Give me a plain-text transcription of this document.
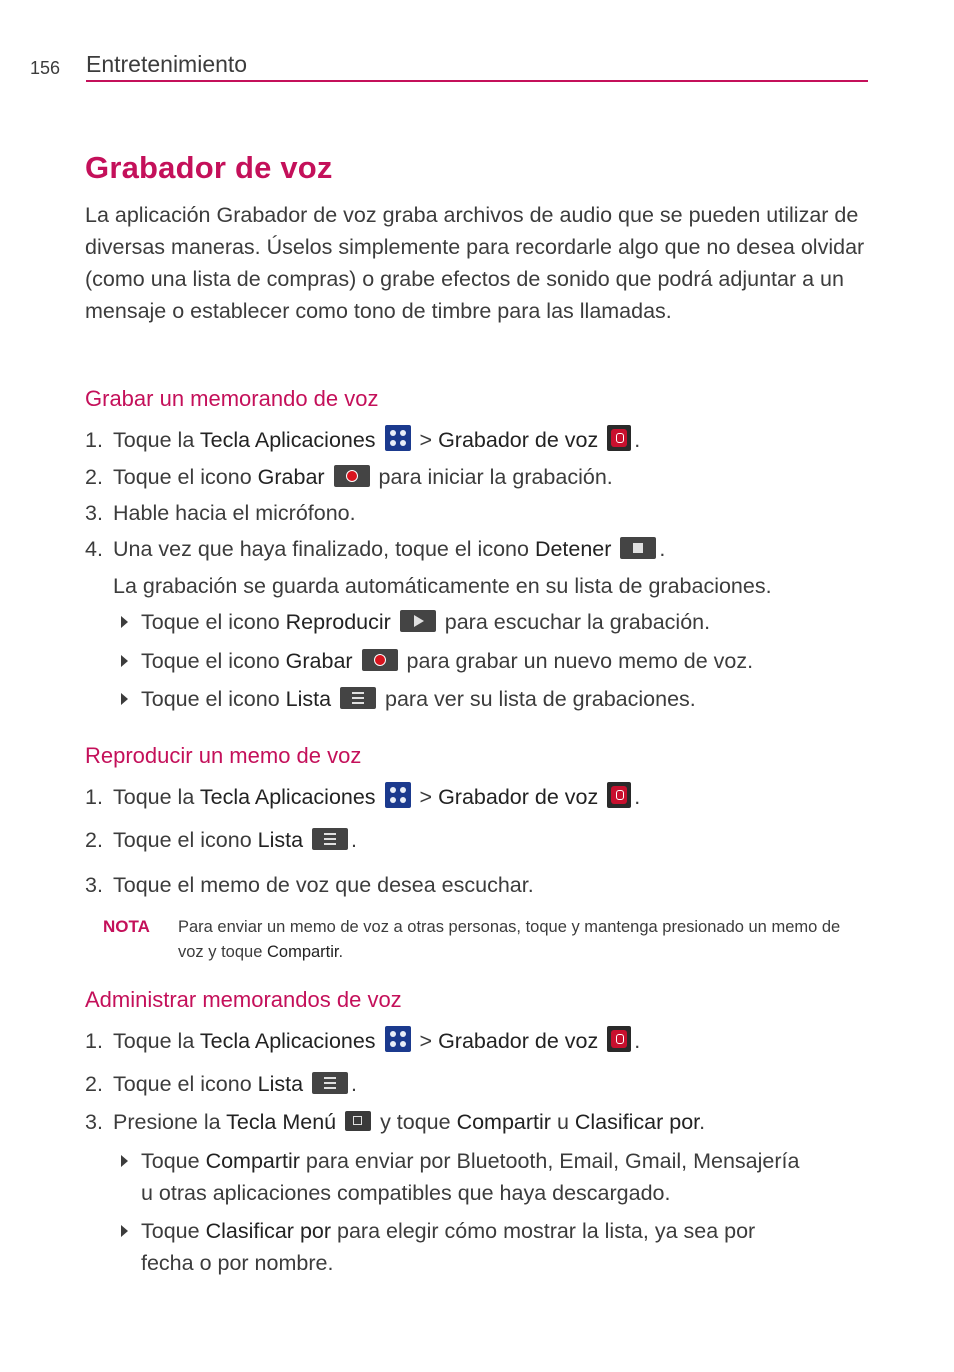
156 Entretenimiento
Grabador de voz

La aplicación Grabador de voz graba archivos de audio que se pueden utilizar de diversas maneras. Úselos simplemente para recordarle algo que no desea olvidar (como una lista de compras) o grabe efectos de sonido que podrá adjuntar a un mensaje o establecer como tono de timbre para las llamadas.

Grabar un memorando de voz
1. Toque la Tecla Aplicaciones
> Grabador de voz .
2. Toque el icono Grabar  para iniciar la grabación.
3. Hable hacia el micrófono.
4. Una vez que haya finalizado, toque el icono Detener .
La grabación se guarda automáticamente en su lista de grabaciones.
Toque el icono Reproducir  para escuchar la grabación.
Toque el icono Grabar  para grabar un nuevo memo de voz.
Toque el icono Lista  para ver su lista de grabaciones.
Reproducir un memo de voz
1. Toque la Tecla Aplicaciones
> Grabador de voz .
2. Toque el icono Lista .
3. Toque el memo de voz que desea escuchar.
NOTA Para enviar un memo de voz a otras personas, toque y mantenga presionado un memo de voz y toque Compartir.
Administrar memorandos de voz
1. Toque la Tecla Aplicaciones
> Grabador de voz .
2. Toque el icono Lista .
3. Presione la Tecla Menú  y toque Compartir u Clasificar por.
Toque Compartir para enviar por Bluetooth, Email, Gmail, Mensajería
u otras aplicaciones compatibles que haya descargado.
Toque Clasificar por para elegir cómo mostrar la lista, ya sea por
fecha o por nombre.
